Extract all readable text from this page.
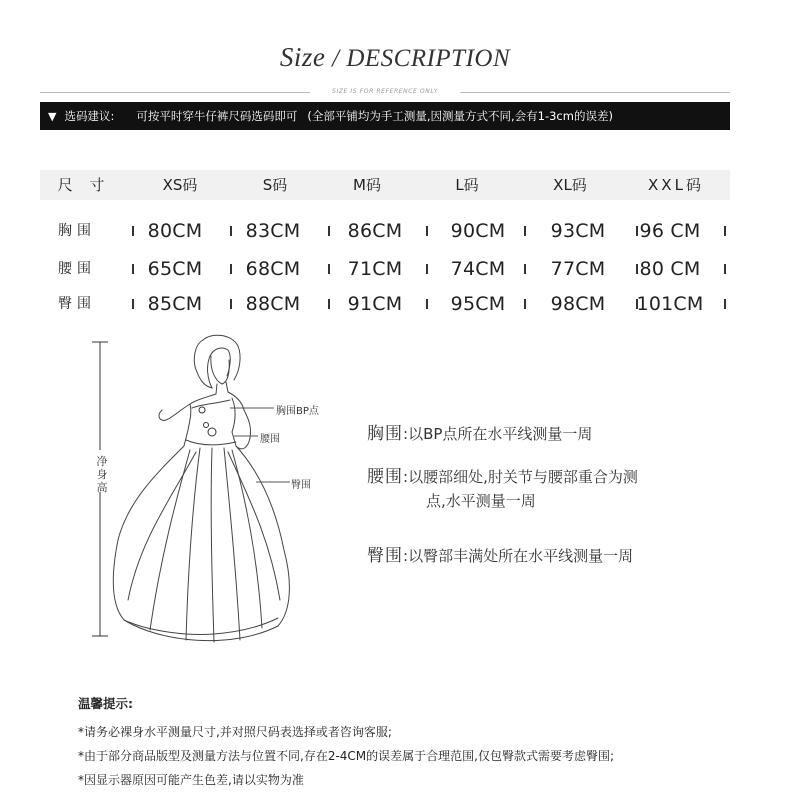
Size / DESCRIPTION
SIZE IS FOR REFERENCE ONLY
▼ 选码建议: 可按平时穿牛仔裤尺码选码即可 (全部平铺均为手工测量,因测量方式不同,会有1-3cm的误差)
尺 寸	XS码	S码	M码	L码	XL码	XXL码
胸围	80CM	83CM	86CM	90CM	93CM	96 CM
腰围	65CM	68CM	71CM	74CM	77CM	80 CM
臀围	85CM	88CM	91CM	95CM	98CM	101CM
净身高
胸围BP点
腰围
臀围
胸围:以BP点所在水平线测量一周
腰围:以腰部细处,肘关节与腰部重合为测
点,水平测量一周
臀围:以臀部丰满处所在水平线测量一周
温馨提示:
*请务必裸身水平测量尺寸,并对照尺码表选择或者咨询客服;
*由于部分商品版型及测量方法与位置不同,存在2-4CM的误差属于合理范围,仅包臀款式需要考虑臀围;
*因显示器原因可能产生色差,请以实物为准
